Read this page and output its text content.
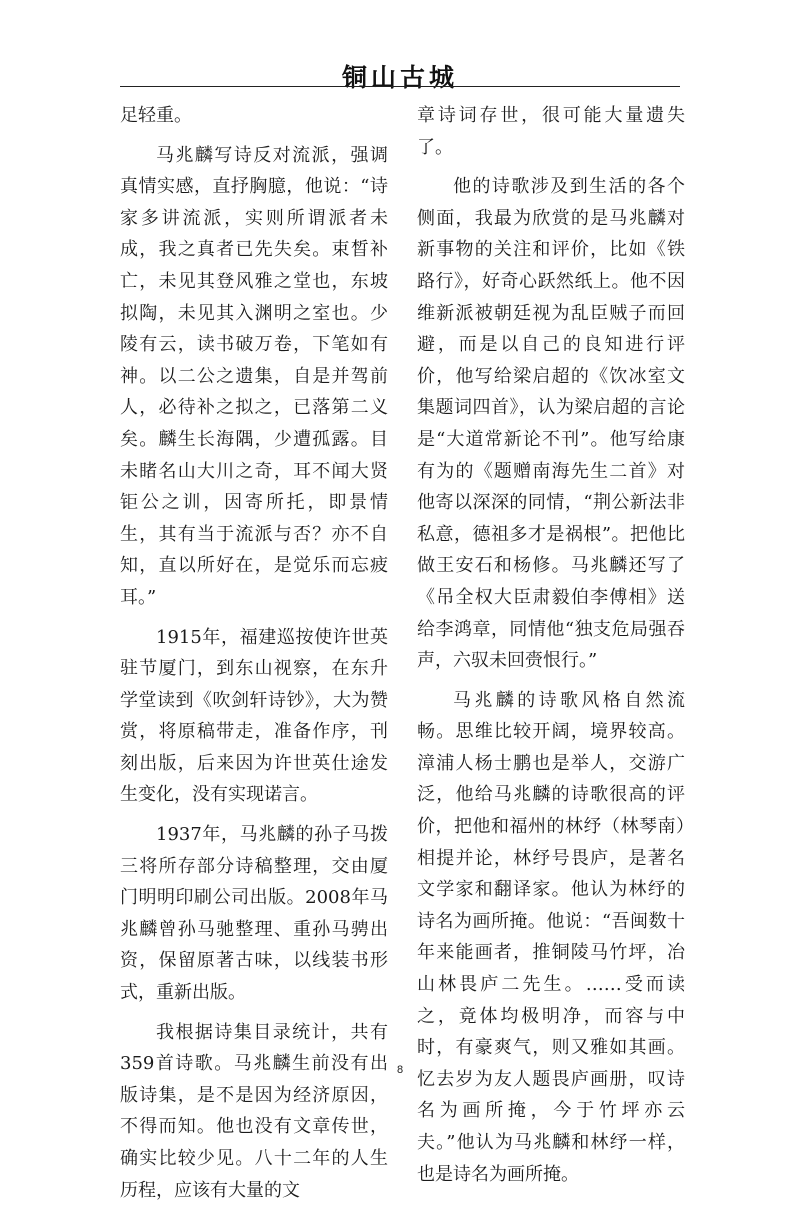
铜山古城

足轻重。

马兆麟写诗反对流派，强调真情实感，直抒胸臆，他说：“诗家多讲流派，实则所谓派者未成，我之真者已先失矣。束晳补亡，未见其登风雅之堂也，东坡拟陶，未见其入渊明之室也。少陵有云，读书破万卷，下笔如有神。以二公之遗集，自是并驾前人，必待补之拟之，已落第二义矣。麟生长海隅，少遭孤露。目未睹名山大川之奇，耳不闻大贤钜公之训，因寄所托，即景情生，其有当于流派与否？亦不自知，直以所好在，是觉乐而忘疲耳。”

1915年，福建巡按使许世英驻节厦门，到东山视察，在东升学堂读到《吹剑轩诗钞》，大为赞赏，将原稿带走，准备作序，刊刻出版，后来因为许世英仕途发生变化，没有实现诺言。

1937年，马兆麟的孙子马拨三将所存部分诗稿整理，交由厦门明明印刷公司出版。2008年马兆麟曾孙马驰整理、重孙马骋出资，保留原著古味，以线装书形式，重新出版。

我根据诗集目录统计，共有359首诗歌。马兆麟生前没有出版诗集，是不是因为经济原因，不得而知。他也没有文章传世，确实比较少见。八十二年的人生历程，应该有大量的文

章诗词存世，很可能大量遗失了。

他的诗歌涉及到生活的各个侧面，我最为欣赏的是马兆麟对新事物的关注和评价，比如《铁路行》，好奇心跃然纸上。他不因维新派被朝廷视为乱臣贼子而回避，而是以自己的良知进行评价，他写给梁启超的《饮冰室文集题词四首》，认为梁启超的言论是“大道常新论不刊”。他写给康有为的《题赠南海先生二首》对他寄以深深的同情，“荆公新法非私意，德祖多才是祸根”。把他比做王安石和杨修。马兆麟还写了《吊全权大臣肃毅伯李傅相》送给李鸿章，同情他“独支危局强吞声，六驭未回赍恨行。”

马兆麟的诗歌风格自然流畅。思维比较开阔，境界较高。漳浦人杨士鹏也是举人，交游广泛，他给马兆麟的诗歌很高的评价，把他和福州的林纾（林琴南）相提并论，林纾号畏庐，是著名文学家和翻译家。他认为林纾的诗名为画所掩。他说：“吾闽数十年来能画者，推铜陵马竹坪，冶山林畏庐二先生。……受而读之，竟体均极明净，而容与中时，有豪爽气，则又雅如其画。忆去岁为友人题畏庐画册，叹诗名为画所掩，今于竹坪亦云夫。”他认为马兆麟和林纾一样，也是诗名为画所掩。

8
